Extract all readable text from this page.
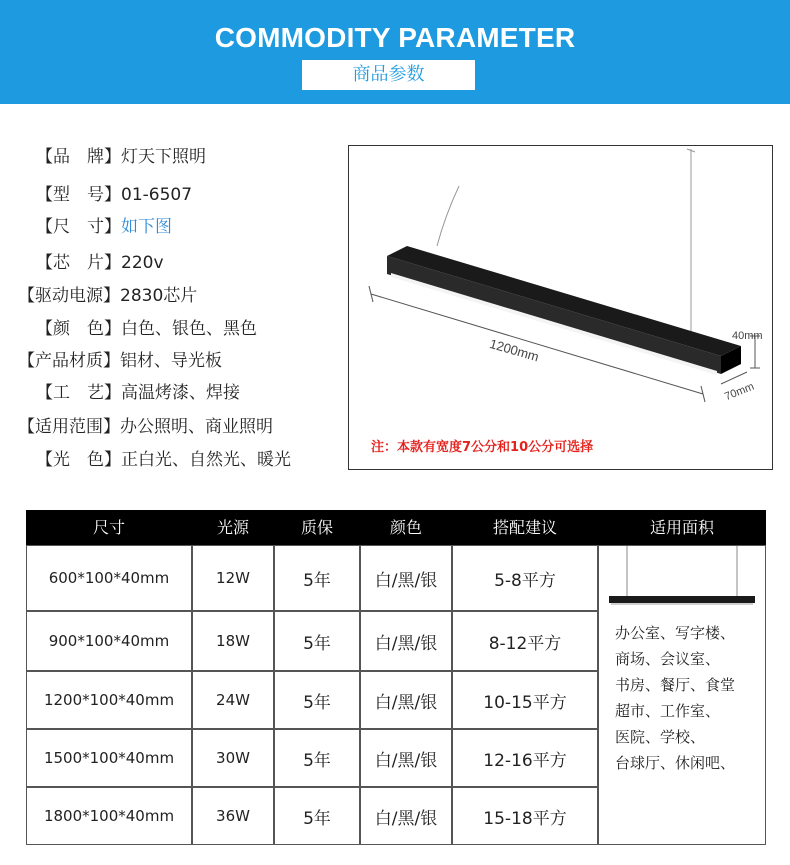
COMMODITY PARAMETER
商品参数
【品　牌】灯天下照明
【型　号】01-6507
【尺　寸】如下图
【芯　片】220v
【驱动电源】2830芯片
【颜　色】白色、银色、黑色
【产品材质】铝材、导光板
【工　艺】高温烤漆、焊接
【适用范围】办公照明、商业照明
【光　色】正白光、自然光、暖光
1200mm	40mm
70mm
注：本款有宽度7公分和10公分可选择
尺寸	光源	质保	颜色	搭配建议	适用面积
600*100*40mm	12W	5年	白/黑/银	5-8平方
900*100*40mm	18W	5年	白/黑/银	8-12平方
1200*100*40mm	24W	5年	白/黑/银	10-15平方
1500*100*40mm	30W	5年	白/黑/银	12-16平方
1800*100*40mm	36W	5年	白/黑/银	15-18平方
办公室、写字楼、
商场、会议室、
书房、餐厅、食堂
超市、工作室、
医院、学校、
台球厅、休闲吧、
